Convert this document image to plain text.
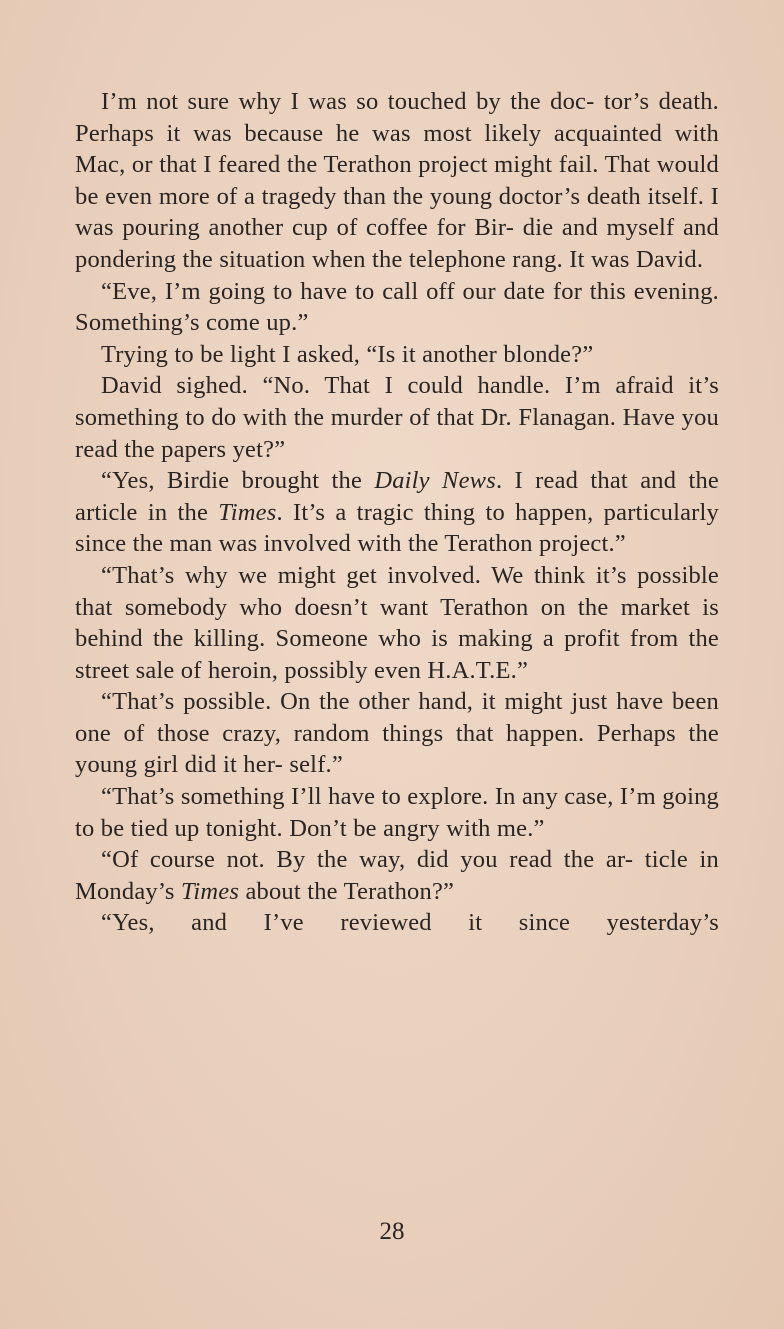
I’m not sure why I was so touched by the doc- tor’s death. Perhaps it was because he was most likely acquainted with Mac, or that I feared the Terathon project might fail. That would be even more of a tragedy than the young doctor’s death itself. I was pouring another cup of coffee for Bir- die and myself and pondering the situation when the telephone rang. It was David.

“Eve, I’m going to have to call off our date for this evening. Something’s come up.”

Trying to be light I asked, “Is it another blonde?”

David sighed. “No. That I could handle. I’m afraid it’s something to do with the murder of that Dr. Flanagan. Have you read the papers yet?”

“Yes, Birdie brought the Daily News. I read that and the article in the Times. It’s a tragic thing to happen, particularly since the man was involved with the Terathon project.”

“That’s why we might get involved. We think it’s possible that somebody who doesn’t want Terathon on the market is behind the killing. Someone who is making a profit from the street sale of heroin, possibly even H.A.T.E.”

“That’s possible. On the other hand, it might just have been one of those crazy, random things that happen. Perhaps the young girl did it her- self.”

“That’s something I’ll have to explore. In any case, I’m going to be tied up tonight. Don’t be angry with me.”

“Of course not. By the way, did you read the ar- ticle in Monday’s Times about the Terathon?”

“Yes, and I’ve reviewed it since yesterday’s

28
